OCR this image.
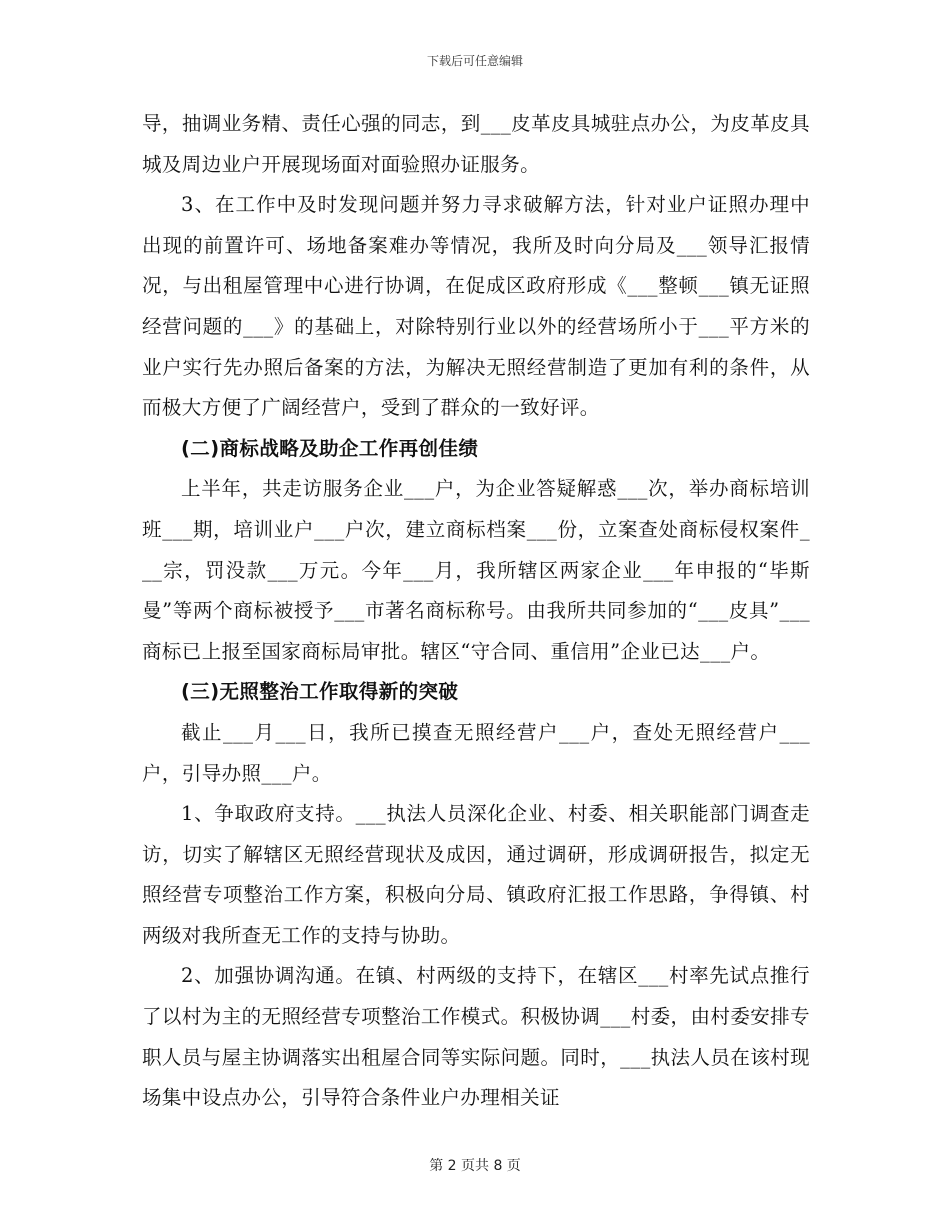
下载后可任意编辑

导，抽调业务精、责任心强的同志，到___皮革皮具城驻点办公，为皮革皮具城及周边业户开展现场面对面验照办证服务。

3、在工作中及时发现问题并努力寻求破解方法，针对业户证照办理中出现的前置许可、场地备案难办等情况，我所及时向分局及___领导汇报情况，与出租屋管理中心进行协调，在促成区政府形成《___整顿___镇无证照经营问题的___》的基础上，对除特别行业以外的经营场所小于___平方米的业户实行先办照后备案的方法，为解决无照经营制造了更加有利的条件，从而极大方便了广阔经营户，受到了群众的一致好评。

(二)商标战略及助企工作再创佳绩

上半年，共走访服务企业___户，为企业答疑解惑___次，举办商标培训班___期，培训业户___户次，建立商标档案___份，立案查处商标侵权案件___宗，罚没款___万元。今年___月，我所辖区两家企业___年申报的“毕斯曼”等两个商标被授予___市著名商标称号。由我所共同参加的“___皮具”___商标已上报至国家商标局审批。辖区“守合同、重信用”企业已达___户。

(三)无照整治工作取得新的突破

截止___月___日，我所已摸查无照经营户___户，查处无照经营户___户，引导办照___户。

1、争取政府支持。___执法人员深化企业、村委、相关职能部门调查走访，切实了解辖区无照经营现状及成因，通过调研，形成调研报告，拟定无照经营专项整治工作方案，积极向分局、镇政府汇报工作思路，争得镇、村两级对我所查无工作的支持与协助。

2、加强协调沟通。在镇、村两级的支持下，在辖区___村率先试点推行了以村为主的无照经营专项整治工作模式。积极协调___村委，由村委安排专职人员与屋主协调落实出租屋合同等实际问题。同时，___执法人员在该村现场集中设点办公，引导符合条件业户办理相关证

第 2 页共 8 页
